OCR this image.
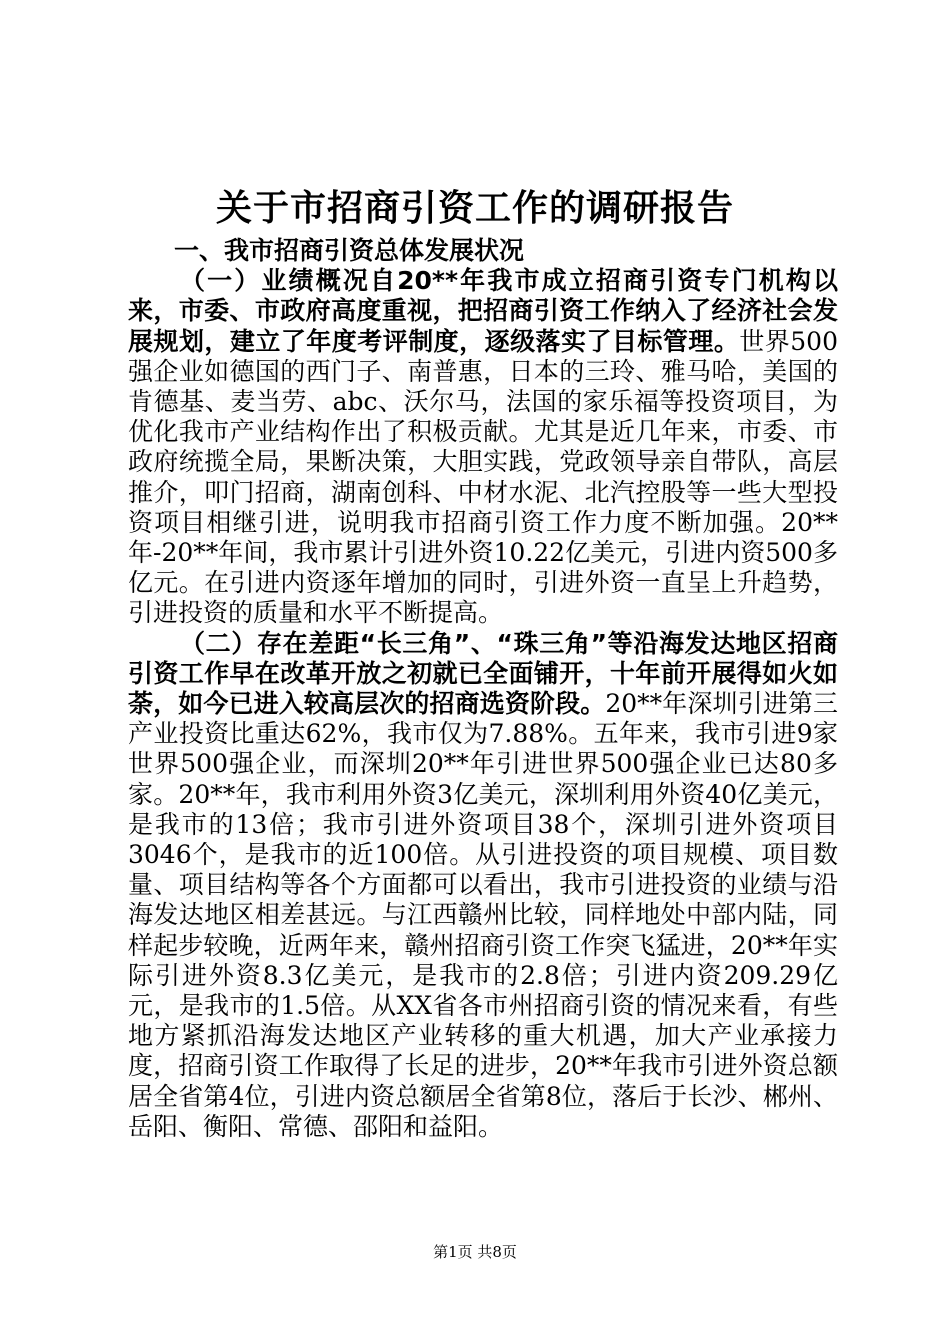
关于市招商引资工作的调研报告

一、我市招商引资总体发展状况

（一）业绩概况自20**年我市成立招商引资专门机构以来，市委、市政府高度重视，把招商引资工作纳入了经济社会发展规划，建立了年度考评制度，逐级落实了目标管理。世界500强企业如德国的西门子、南普惠，日本的三玲、雅马哈，美国的肯德基、麦当劳、abc、沃尔马，法国的家乐福等投资项目，为优化我市产业结构作出了积极贡献。尤其是近几年来，市委、市政府统揽全局，果断决策，大胆实践，党政领导亲自带队，高层推介，叩门招商，湖南创科、中材水泥、北汽控股等一些大型投资项目相继引进，说明我市招商引资工作力度不断加强。20**年-20**年间，我市累计引进外资10.22亿美元，引进内资500多亿元。在引进内资逐年增加的同时，引进外资一直呈上升趋势，引进投资的质量和水平不断提高。

（二）存在差距“长三角”、“珠三角”等沿海发达地区招商引资工作早在改革开放之初就已全面铺开，十年前开展得如火如荼，如今已进入较高层次的招商选资阶段。20**年深圳引进第三产业投资比重达62%，我市仅为7.88%。五年来，我市引进9家世界500强企业，而深圳20**年引进世界500强企业已达80多家。20**年，我市利用外资3亿美元，深圳利用外资40亿美元，是我市的13倍；我市引进外资项目38个，深圳引进外资项目3046个，是我市的近100倍。从引进投资的项目规模、项目数量、项目结构等各个方面都可以看出，我市引进投资的业绩与沿海发达地区相差甚远。与江西赣州比较，同样地处中部内陆，同样起步较晚，近两年来，赣州招商引资工作突飞猛进，20**年实际引进外资8.3亿美元，是我市的2.8倍；引进内资209.29亿元，是我市的1.5倍。从XX省各市州招商引资的情况来看，有些地方紧抓沿海发达地区产业转移的重大机遇，加大产业承接力度，招商引资工作取得了长足的进步，20**年我市引进外资总额居全省第4位，引进内资总额居全省第8位，落后于长沙、郴州、岳阳、衡阳、常德、邵阳和益阳。

第1页 共8页
